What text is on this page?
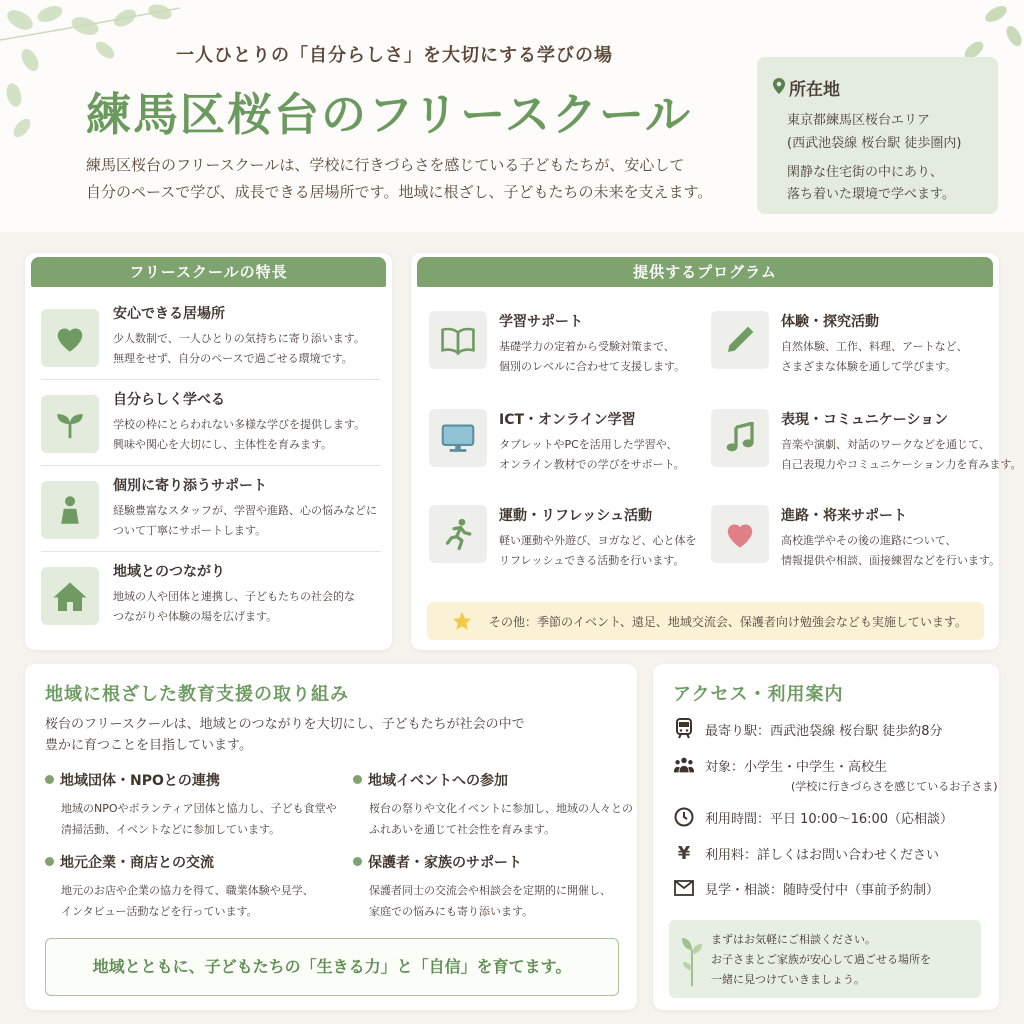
一人ひとりの「自分らしさ」を大切にする学びの場
練馬区桜台のフリースクール
練馬区桜台のフリースクールは、学校に行きづらさを感じている子どもたちが、安心して
自分のペースで学び、成長できる居場所です。地域に根ざし、子どもたちの未来を支えます。
所在地
東京都練馬区桜台エリア
(西武池袋線 桜台駅 徒歩圏内)
閑静な住宅街の中にあり、
落ち着いた環境で学べます。
フリースクールの特長
安心できる居場所
少人数制で、一人ひとりの気持ちに寄り添います。
無理をせず、自分のペースで過ごせる環境です。
自分らしく学べる
学校の枠にとらわれない多様な学びを提供します。
興味や関心を大切にし、主体性を育みます。
個別に寄り添うサポート
経験豊富なスタッフが、学習や進路、心の悩みなどに
ついて丁寧にサポートします。
地域とのつながり
地域の人や団体と連携し、子どもたちの社会的な
つながりや体験の場を広げます。
提供するプログラム
学習サポート
基礎学力の定着から受験対策まで、
個別のレベルに合わせて支援します。
体験・探究活動
自然体験、工作、料理、アートなど、
さまざまな体験を通して学びます。
ICT・オンライン学習
タブレットやPCを活用した学習や、
オンライン教材での学びをサポート。
表現・コミュニケーション
音楽や演劇、対話のワークなどを通じて、
自己表現力やコミュニケーション力を育みます。
運動・リフレッシュ活動
軽い運動や外遊び、ヨガなど、心と体を
リフレッシュできる活動を行います。
進路・将来サポート
高校進学やその後の進路について、
情報提供や相談、面接練習などを行います。
その他：季節のイベント、遠足、地域交流会、保護者向け勉強会なども実施しています。
地域に根ざした教育支援の取り組み
桜台のフリースクールは、地域とのつながりを大切にし、子どもたちが社会の中で
豊かに育つことを目指しています。
地域団体・NPOとの連携
地域のNPOやボランティア団体と協力し、子ども食堂や
清掃活動、イベントなどに参加しています。
地域イベントへの参加
桜台の祭りや文化イベントに参加し、地域の人々との
ふれあいを通じて社会性を育みます。
地元企業・商店との交流
地元のお店や企業の協力を得て、職業体験や見学、
インタビュー活動などを行っています。
保護者・家族のサポート
保護者同士の交流会や相談会を定期的に開催し、
家庭での悩みにも寄り添います。
地域とともに、子どもたちの「生きる力」と「自信」を育てます。
アクセス・利用案内
最寄り駅：西武池袋線 桜台駅 徒歩約8分
対象：小学生・中学生・高校生
(学校に行きづらさを感じているお子さま)
利用時間：平日 10:00〜16:00（応相談）
¥	利用料：詳しくはお問い合わせください
見学・相談：随時受付中（事前予約制）
まずはお気軽にご相談ください。
お子さまとご家族が安心して過ごせる場所を
一緒に見つけていきましょう。
